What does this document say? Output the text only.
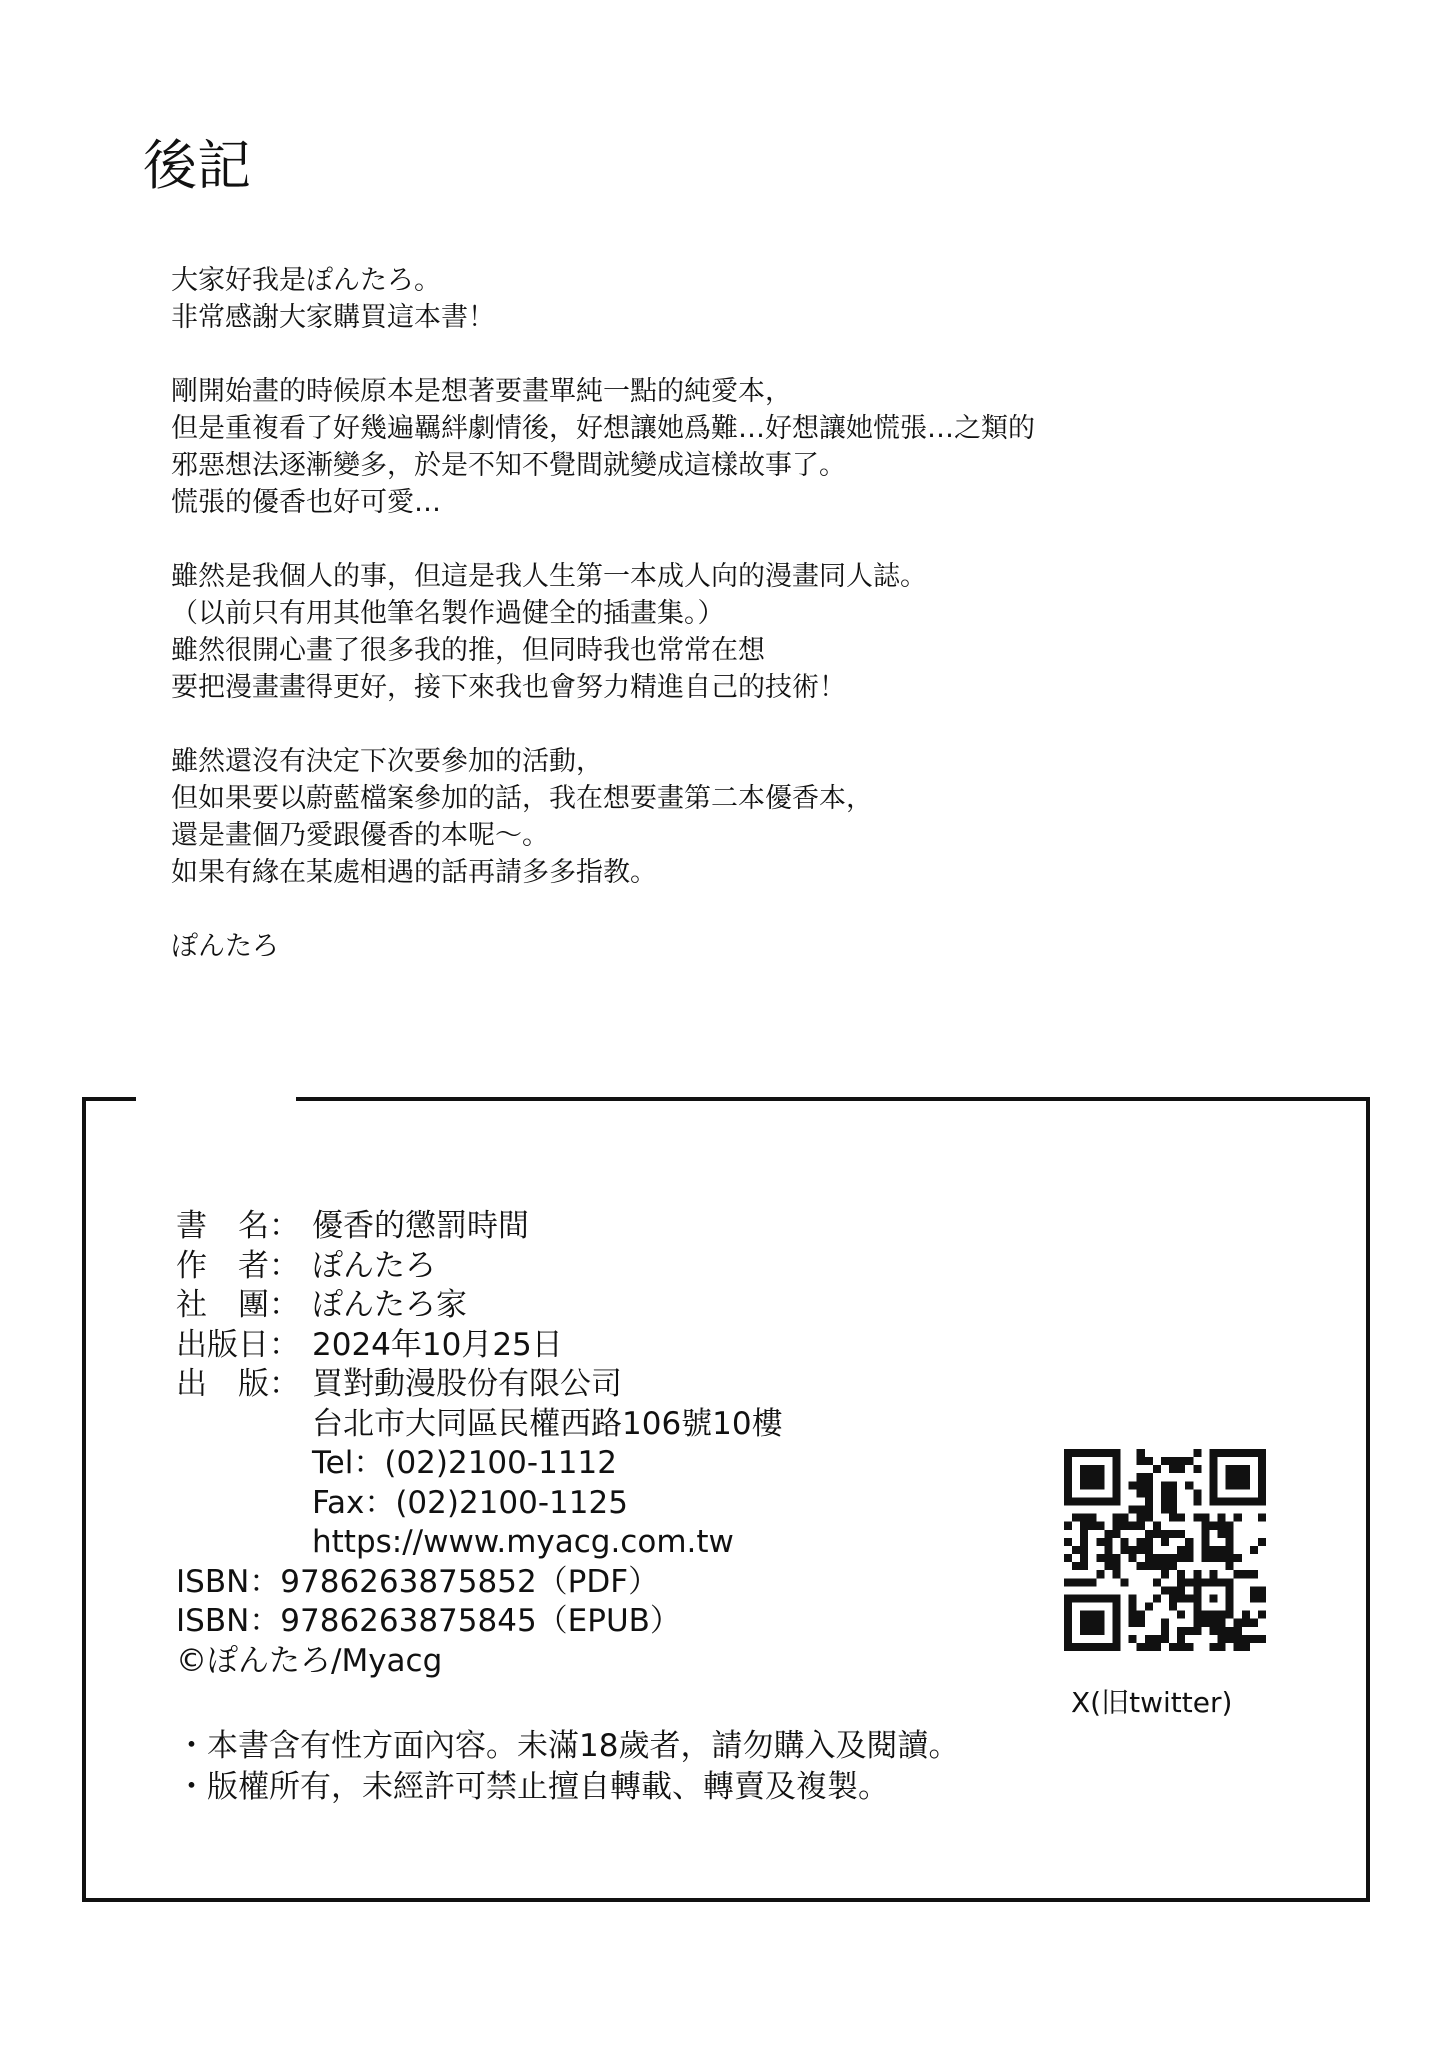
後記

大家好我是ぽんたろ。
非常感謝大家購買這本書！

剛開始畫的時候原本是想著要畫單純一點的純愛本，
但是重複看了好幾遍羈絆劇情後，好想讓她爲難…好想讓她慌張…之類的
邪惡想法逐漸變多，於是不知不覺間就變成這樣故事了。
慌張的優香也好可愛…

雖然是我個人的事，但這是我人生第一本成人向的漫畫同人誌。
（以前只有用其他筆名製作過健全的插畫集。）
雖然很開心畫了很多我的推，但同時我也常常在想
要把漫畫畫得更好，接下來我也會努力精進自己的技術！

雖然還沒有決定下次要參加的活動，
但如果要以蔚藍檔案參加的話，我在想要畫第二本優香本，
還是畫個乃愛跟優香的本呢〜。
如果有緣在某處相遇的話再請多多指教。

ぽんたろ
書　名： 優香的懲罰時間
作　者： ぽんたろ
社　團： ぽんたろ家
出版日： 2024年10月25日
出　版： 買對動漫股份有限公司
台北市大同區民權西路106號10樓
Tel：(02)2100-1112
Fax：(02)2100-1125
https://www.myacg.com.tw
ISBN：9786263875852（PDF）
ISBN：9786263875845（EPUB）
©ぽんたろ/Myacg
X(旧twitter)
・本書含有性方面內容。未滿18歲者，請勿購入及閱讀。
・版權所有，未經許可禁止擅自轉載、轉賣及複製。
